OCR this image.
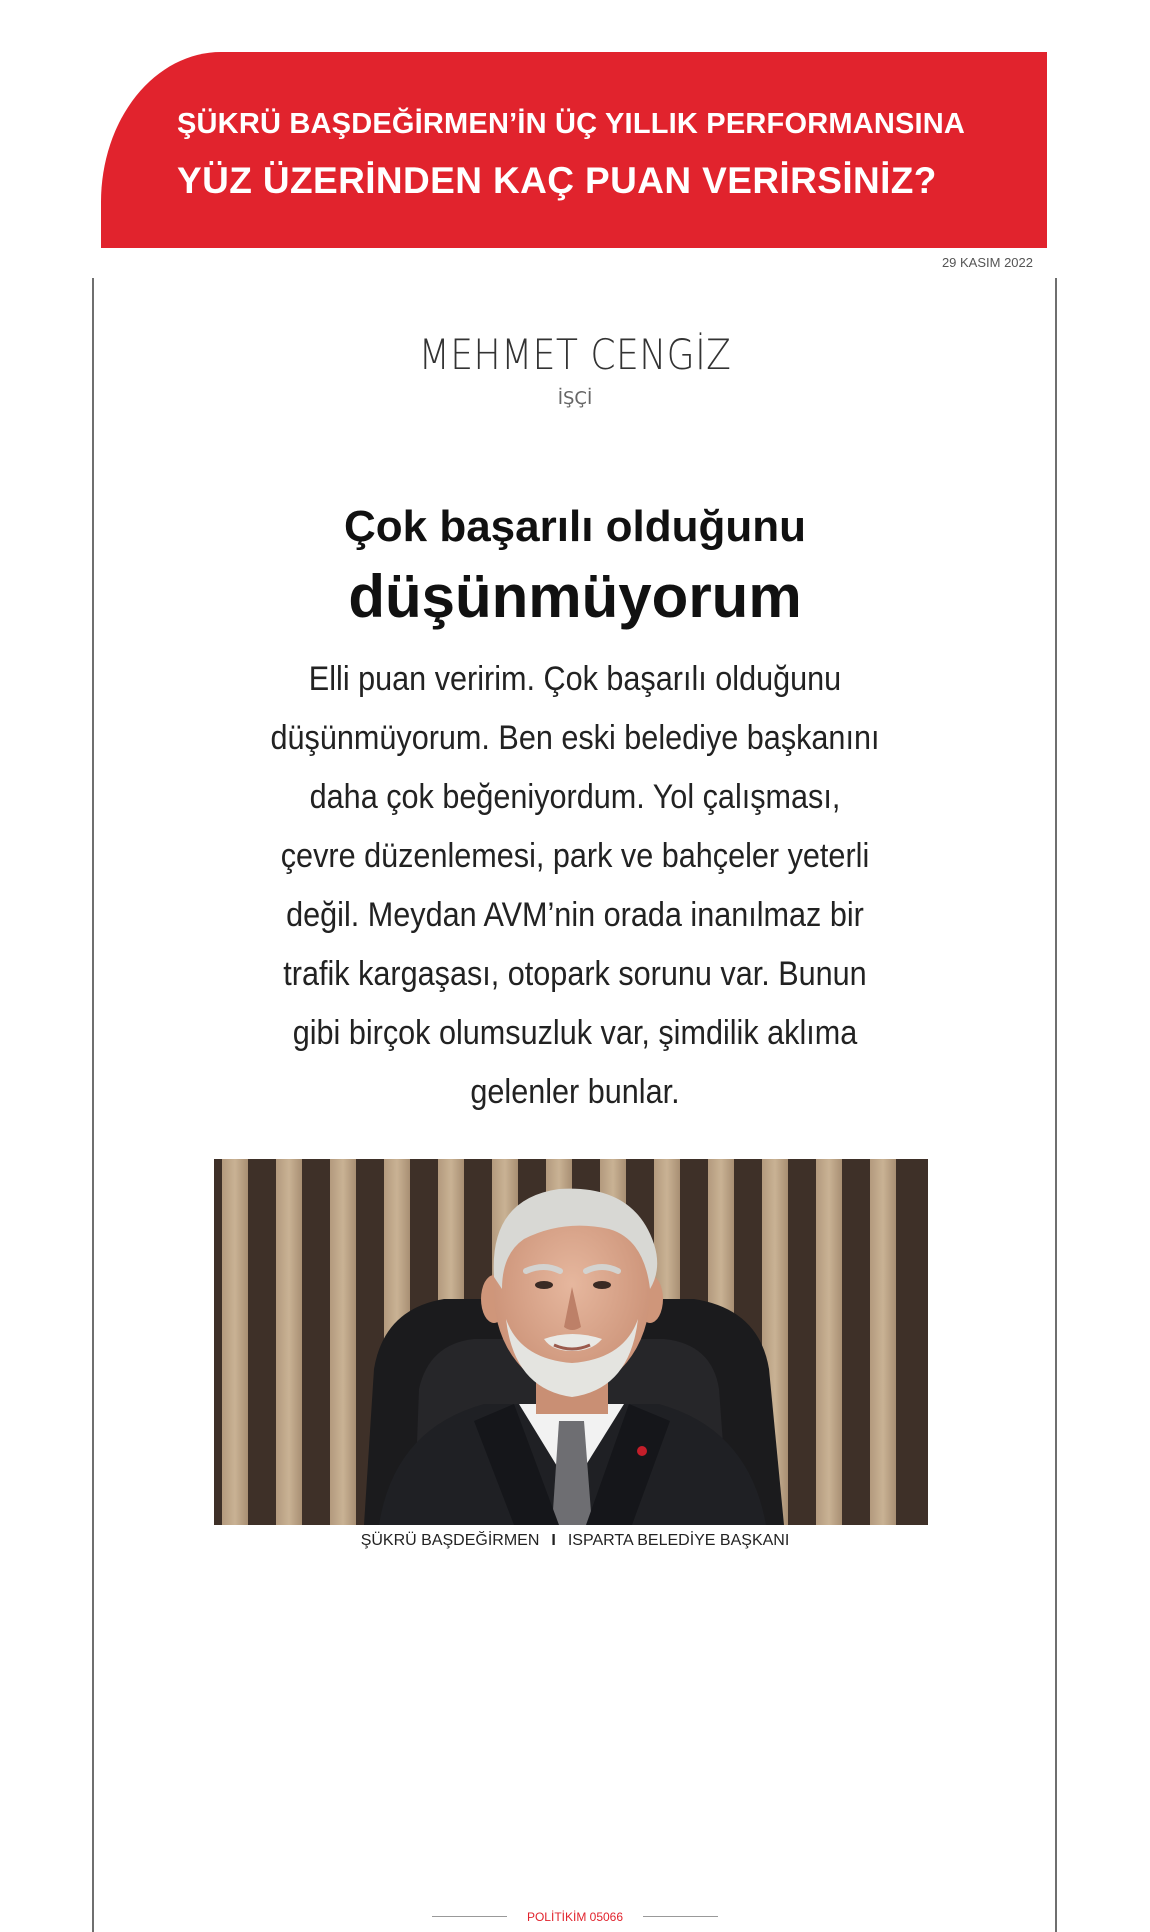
ŞÜKRÜ BAŞDEĞİRMEN’İN ÜÇ YILLIK PERFORMANSINA
YÜZ ÜZERİNDEN KAÇ PUAN VERİRSİNİZ?
29 KASIM 2022
MEHMET CENGİZ
İŞÇİ
Çok başarılı olduğunu
düşünmüyorum
Elli puan veririm. Çok başarılı olduğunu
düşünmüyorum. Ben eski belediye başkanını
daha çok beğeniyordum. Yol çalışması,
çevre düzenlemesi, park ve bahçeler yeterli
değil. Meydan AVM’nin orada inanılmaz bir
trafik kargaşası, otopark sorunu var. Bunun
gibi birçok olumsuzluk var, şimdilik aklıma
gelenler bunlar.
ŞÜKRÜ BAŞDEĞİRMEN I ISPARTA BELEDİYE BAŞKANI
POLİTİKİM 05066
